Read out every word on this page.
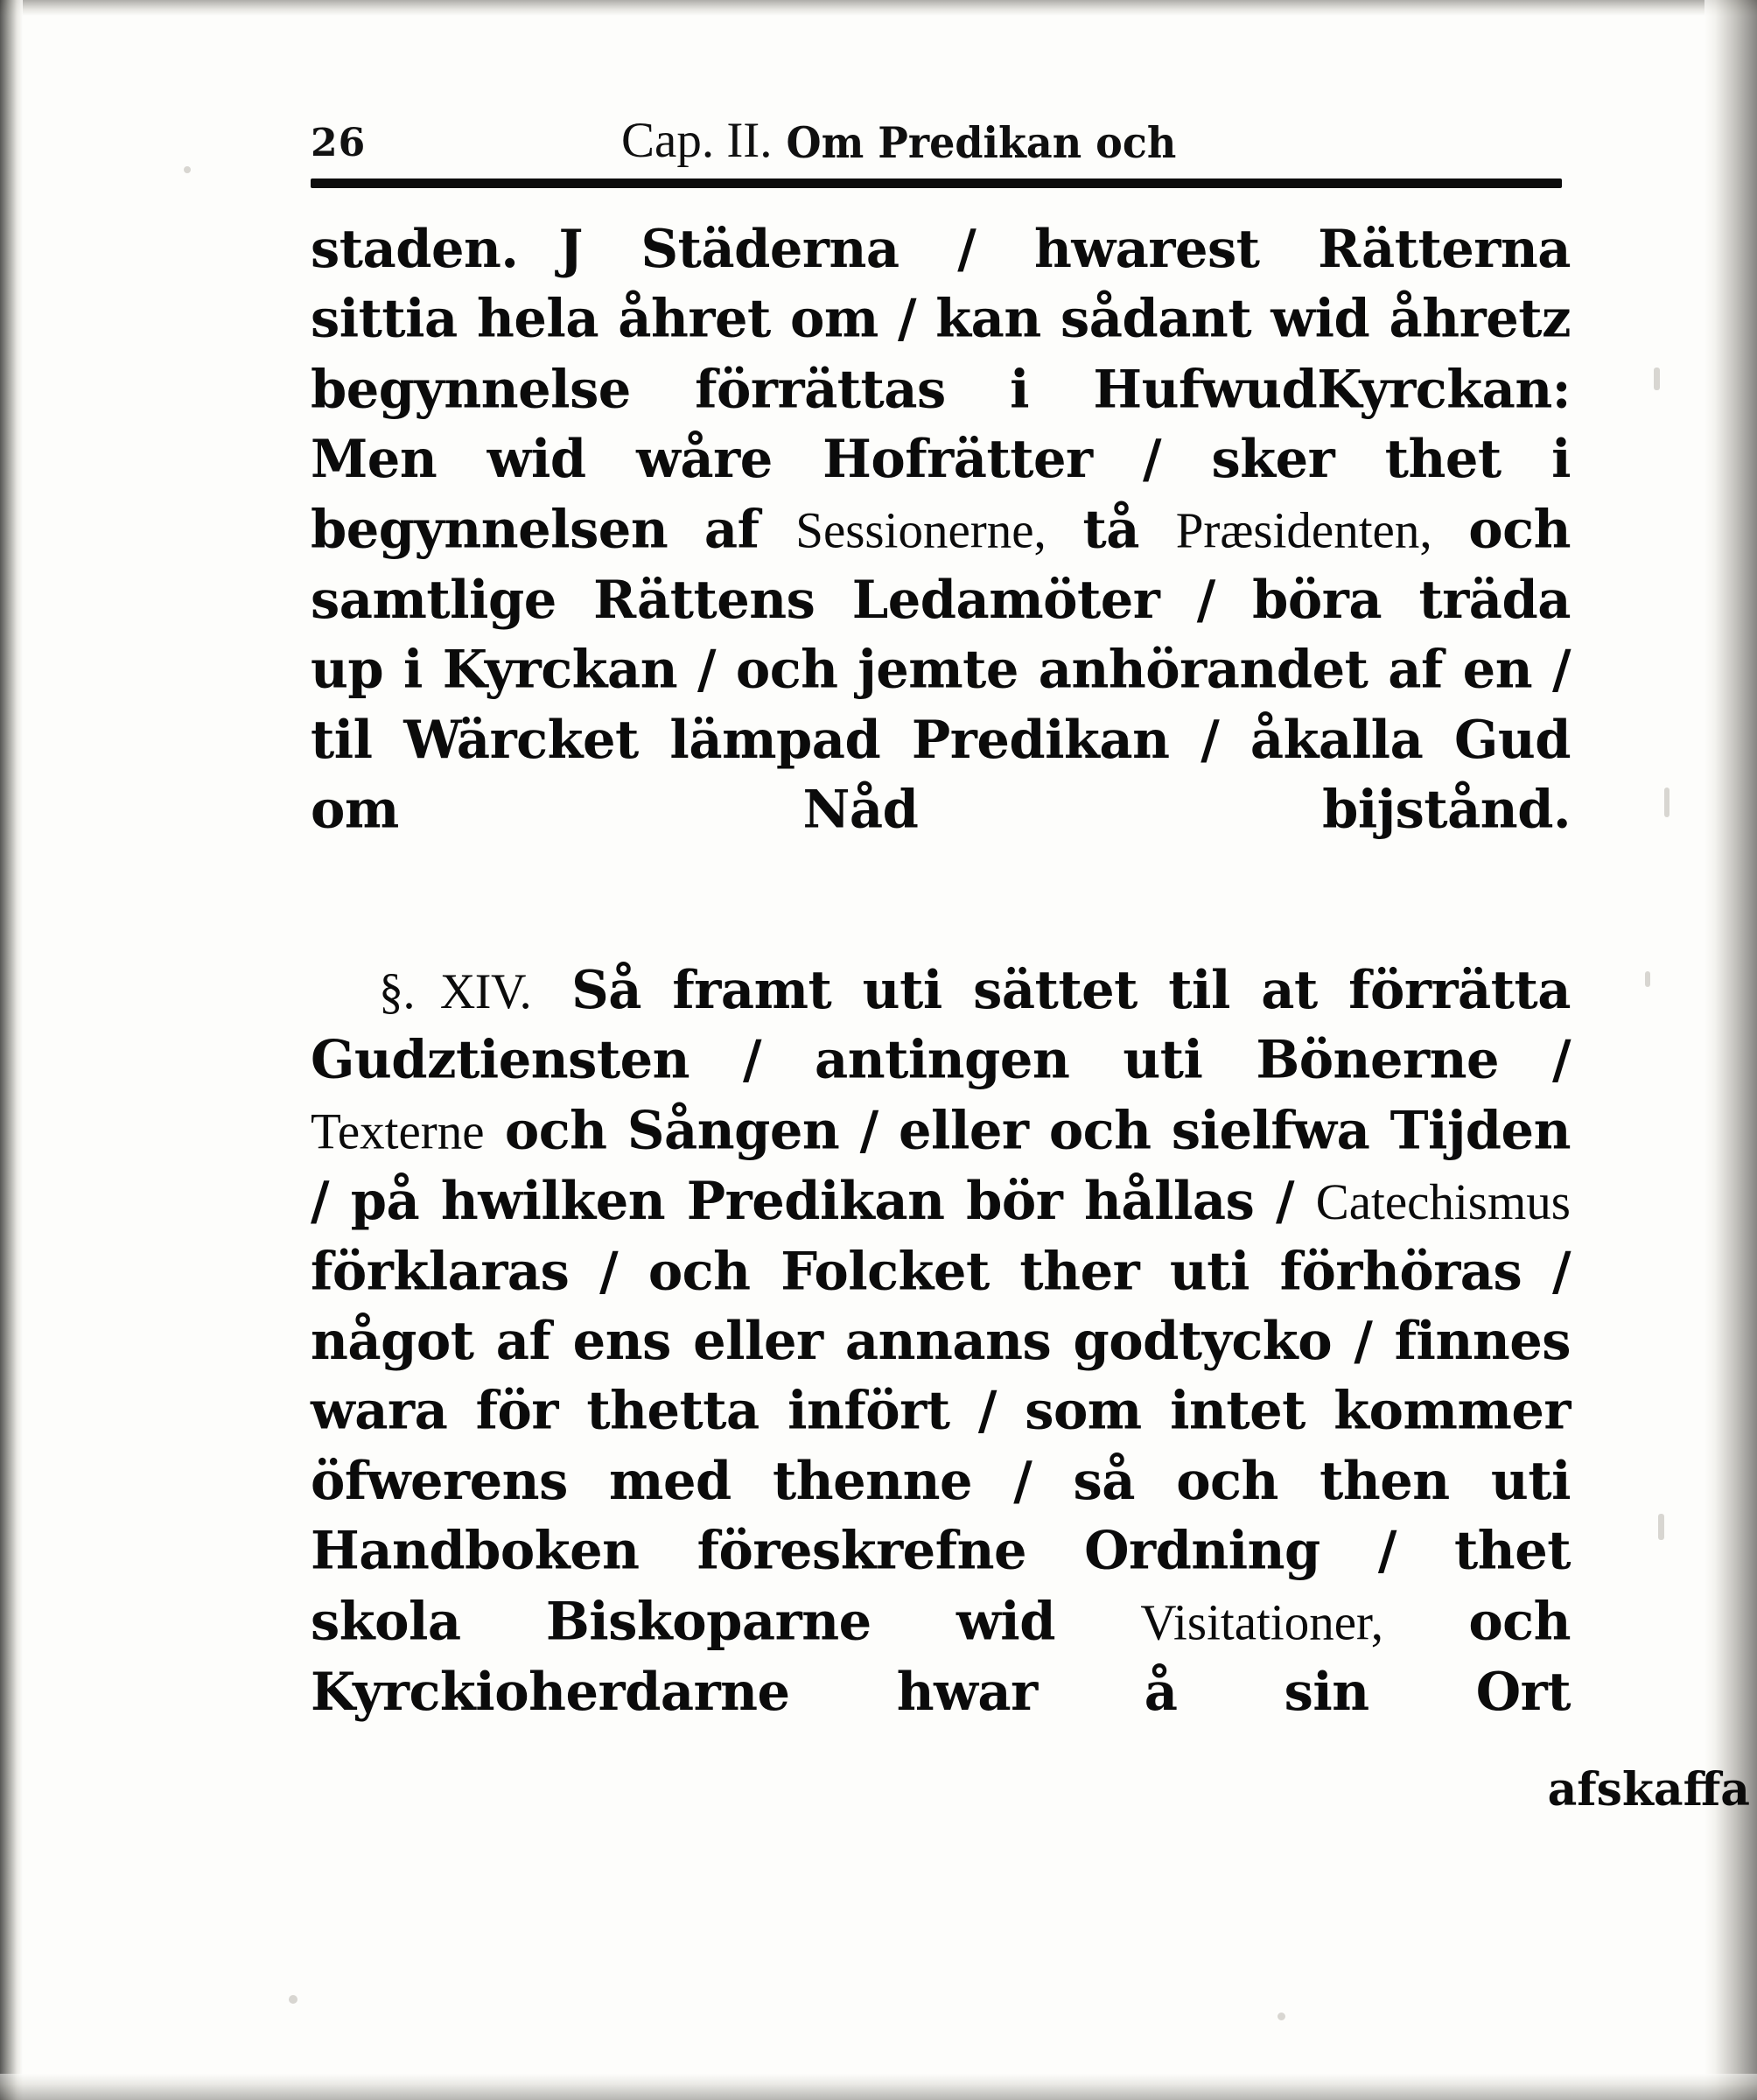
26	Cap. II. Om Predikan och
staden. J Städerna / hwarest Rätterna sittia hela åhret om / kan sådant wid åhretz begynnelse förrättas i HufwudKyrckan: Men wid wåre Hofrätter / sker thet i begynnelsen af Sessionerne, tå Præsidenten, och samtlige Rättens Ledamöter / böra träda up i Kyrckan / och jemte anhörandet af en / til Wärcket lämpad Predikan / åkalla Gud om Nåd bijstånd.
§. XIV. Så framt uti sättet til at förrätta Gudztiensten / antingen uti Bönerne / Texterne och Sången / eller och sielfwa Tijden / på hwilken Predikan bör hållas / Catechismus förklaras / och Folcket ther uti förhöras / något af ens eller annans godtycko / finnes wara för thetta infört / som intet kommer öfwerens med thenne / så och then uti Handboken föreskrefne Ordning / thet skola Biskoparne wid Visitationer, och Kyrckioherdarne hwar å sin Ort
afskaffa
